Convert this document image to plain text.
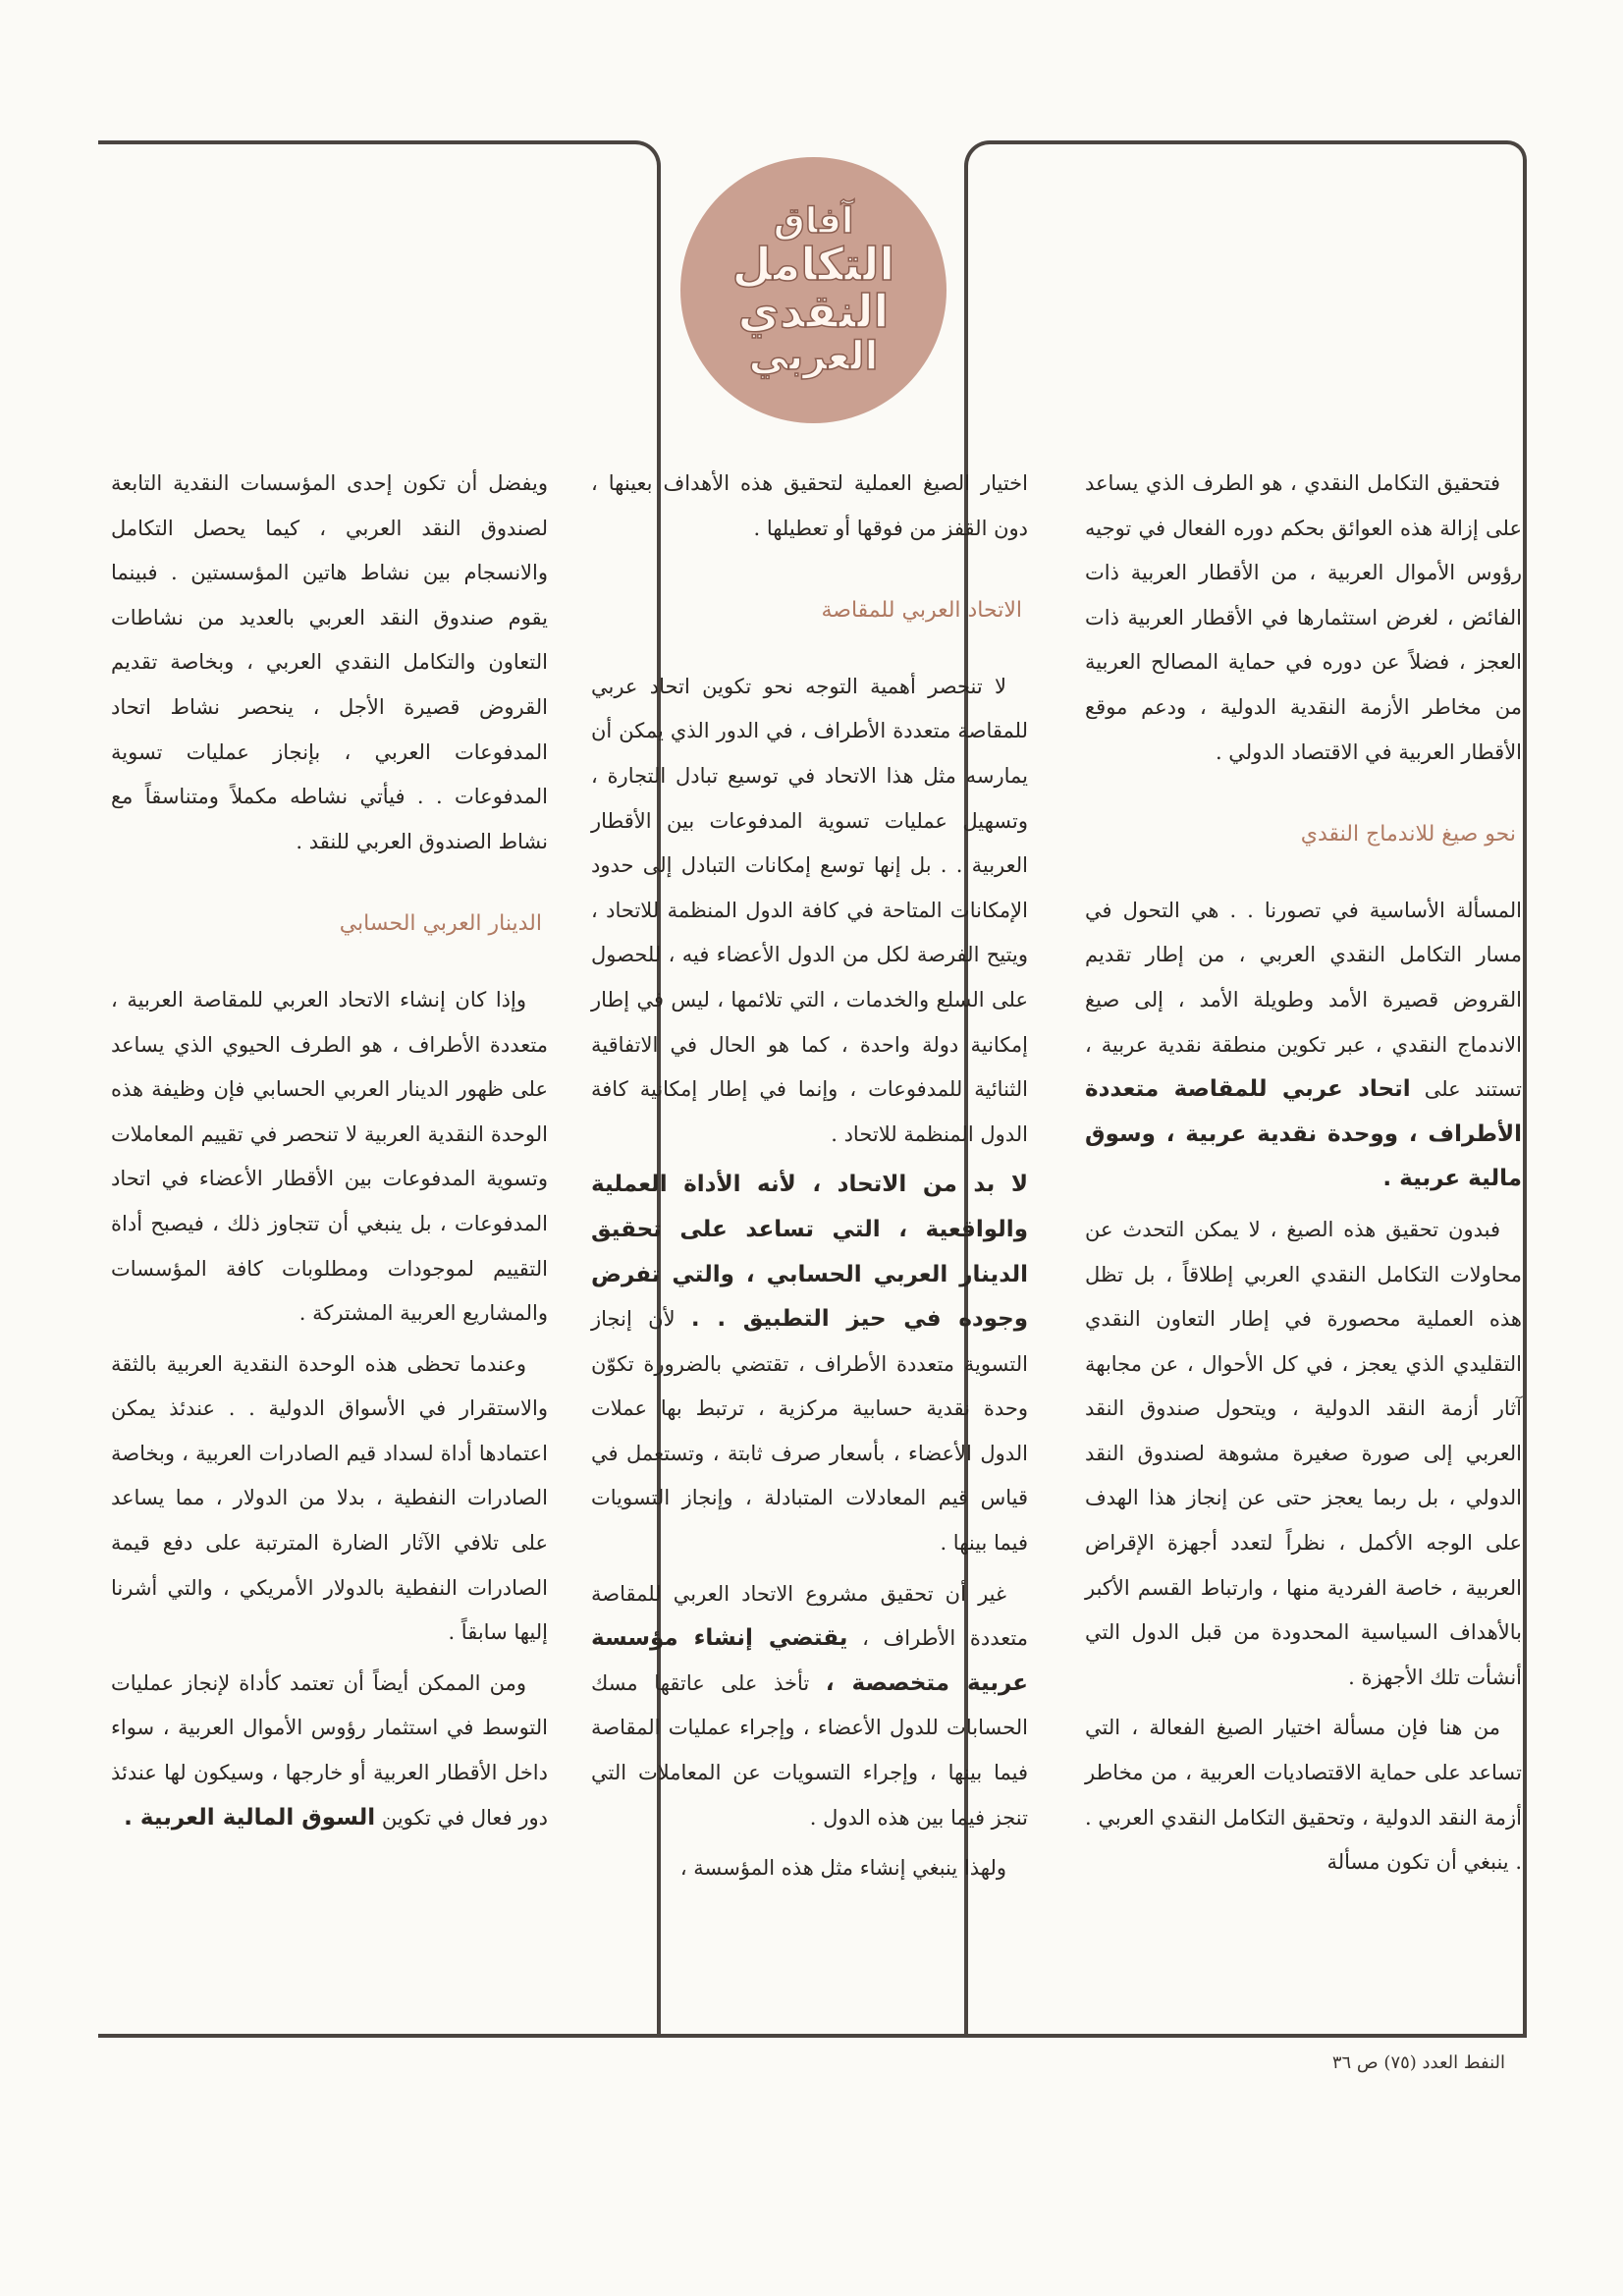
آفاق
التكامل
النقدي
العربي

فتحقيق التكامل النقدي ، هو الطرف الذي يساعد على إزالة هذه العوائق بحكم دوره الفعال في توجيه رؤوس الأموال العربية ، من الأقطار العربية ذات الفائض ، لغرض استثمارها في الأقطار العربية ذات العجز ، فضلاً عن دوره في حماية المصالح العربية من مخاطر الأزمة النقدية الدولية ، ودعم موقع الأقطار العربية في الاقتصاد الدولي .

نحو صيغ للاندماج النقدي

المسألة الأساسية في تصورنا . . هي التحول في مسار التكامل النقدي العربي ، من إطار تقديم القروض قصيرة الأمد وطويلة الأمد ، إلى صيغ الاندماج النقدي ، عبر تكوين منطقة نقدية عربية ، تستند على اتحاد عربي للمقاصة متعددة الأطراف ، ووحدة نقدية عربية ، وسوق مالية عربية .

فبدون تحقيق هذه الصيغ ، لا يمكن التحدث عن محاولات التكامل النقدي العربي إطلاقاً ، بل تظل هذه العملية محصورة في إطار التعاون النقدي التقليدي الذي يعجز ، في كل الأحوال ، عن مجابهة آثار أزمة النقد الدولية ، ويتحول صندوق النقد العربي إلى صورة صغيرة مشوهة لصندوق النقد الدولي ، بل ربما يعجز حتى عن إنجاز هذا الهدف على الوجه الأكمل ، نظراً لتعدد أجهزة الإقراض العربية ، خاصة الفردية منها ، وارتباط القسم الأكبر بالأهداف السياسية المحدودة من قبل الدول التي أنشأت تلك الأجهزة .

من هنا فإن مسألة اختيار الصيغ الفعالة ، التي تساعد على حماية الاقتصاديات العربية ، من مخاطر أزمة النقد الدولية ، وتحقيق التكامل النقدي العربي . . ينبغي أن تكون مسألة

اختيار الصيغ العملية لتحقيق هذه الأهداف بعينها ، دون القفز من فوقها أو تعطيلها .

الاتحاد العربي للمقاصة

لا تنحصر أهمية التوجه نحو تكوين اتحاد عربي للمقاصة متعددة الأطراف ، في الدور الذي يمكن أن يمارسه مثل هذا الاتحاد في توسيع تبادل التجارة ، وتسهيل عمليات تسوية المدفوعات بين الأقطار العربية . . بل إنها توسع إمكانات التبادل إلى حدود الإمكانات المتاحة في كافة الدول المنظمة للاتحاد ، ويتيح الفرصة لكل من الدول الأعضاء فيه ، للحصول على السلع والخدمات ، التي تلائمها ، ليس في إطار إمكانية دولة واحدة ، كما هو الحال في الاتفاقية الثنائية للمدفوعات ، وإنما في إطار إمكانية كافة الدول المنظمة للاتحاد .

لا بد من الاتحاد ، لأنه الأداة العملية والواقعية ، التي تساعد على تحقيق الدينار العربي الحسابي ، والتي تفرض وجوده في حيز التطبيق . . لأن إنجاز التسوية متعددة الأطراف ، تقتضي بالضرورة تكوّن وحدة نقدية حسابية مركزية ، ترتبط بها عملات الدول الأعضاء ، بأسعار صرف ثابتة ، وتستعمل في قياس قيم المعادلات المتبادلة ، وإنجاز التسويات فيما بينها .

غير أن تحقيق مشروع الاتحاد العربي للمقاصة متعددة الأطراف ، يقتضي إنشاء مؤسسة عربية متخصصة ، تأخذ على عاتقها مسك الحسابات للدول الأعضاء ، وإجراء عمليات المقاصة فيما بينها ، وإجراء التسويات عن المعاملات التي تنجز فيما بين هذه الدول .

ولهذا ينبغي إنشاء مثل هذه المؤسسة ،

ويفضل أن تكون إحدى المؤسسات النقدية التابعة لصندوق النقد العربي ، كيما يحصل التكامل والانسجام بين نشاط هاتين المؤسستين . فبينما يقوم صندوق النقد العربي بالعديد من نشاطات التعاون والتكامل النقدي العربي ، وبخاصة تقديم القروض قصيرة الأجل ، ينحصر نشاط اتحاد المدفوعات العربي ، بإنجاز عمليات تسوية المدفوعات . . فيأتي نشاطه مكملاً ومتناسقاً مع نشاط الصندوق العربي للنقد .

الدينار العربي الحسابي

وإذا كان إنشاء الاتحاد العربي للمقاصة العربية ، متعددة الأطراف ، هو الطرف الحيوي الذي يساعد على ظهور الدينار العربي الحسابي فإن وظيفة هذه الوحدة النقدية العربية لا تنحصر في تقييم المعاملات وتسوية المدفوعات بين الأقطار الأعضاء في اتحاد المدفوعات ، بل ينبغي أن تتجاوز ذلك ، فيصبح أداة التقييم لموجودات ومطلوبات كافة المؤسسات والمشاريع العربية المشتركة .

وعندما تحظى هذه الوحدة النقدية العربية بالثقة والاستقرار في الأسواق الدولية . . عندئذ يمكن اعتمادها أداة لسداد قيم الصادرات العربية ، وبخاصة الصادرات النفطية ، بدلا من الدولار ، مما يساعد على تلافي الآثار الضارة المترتبة على دفع قيمة الصادرات النفطية بالدولار الأمريكي ، والتي أشرنا إليها سابقاً .

ومن الممكن أيضاً أن تعتمد كأداة لإنجاز عمليات التوسط في استثمار رؤوس الأموال العربية ، سواء داخل الأقطار العربية أو خارجها ، وسيكون لها عندئذ دور فعال في تكوين السوق المالية العربية .

النفط العدد (٧٥) ص ٣٦
